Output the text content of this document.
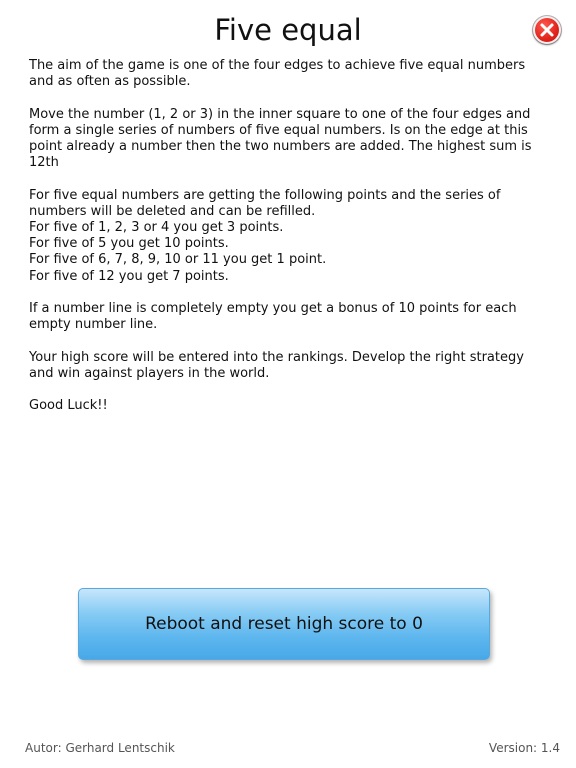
Five equal

The aim of the game is one of the four edges to achieve five equal numbers and as often as possible.

Move the number (1, 2 or 3) in the inner square to one of the four edges and form a single series of numbers of five equal numbers. Is on the edge at this point already a number then the two numbers are added. The highest sum is 12th

For five equal numbers are getting the following points and the series of numbers will be deleted and can be refilled.
For five of 1, 2, 3 or 4 you get 3 points.
For five of 5 you get 10 points.
For five of 6, 7, 8, 9, 10 or 11 you get 1 point.
For five of 12 you get 7 points.

If a number line is completely empty you get a bonus of 10 points for each empty number line.

Your high score will be entered into the rankings. Develop the right strategy and win against players in the world.

Good Luck!!

Reboot and reset high score to 0
Autor: Gerhard Lentschik	Version: 1.4
